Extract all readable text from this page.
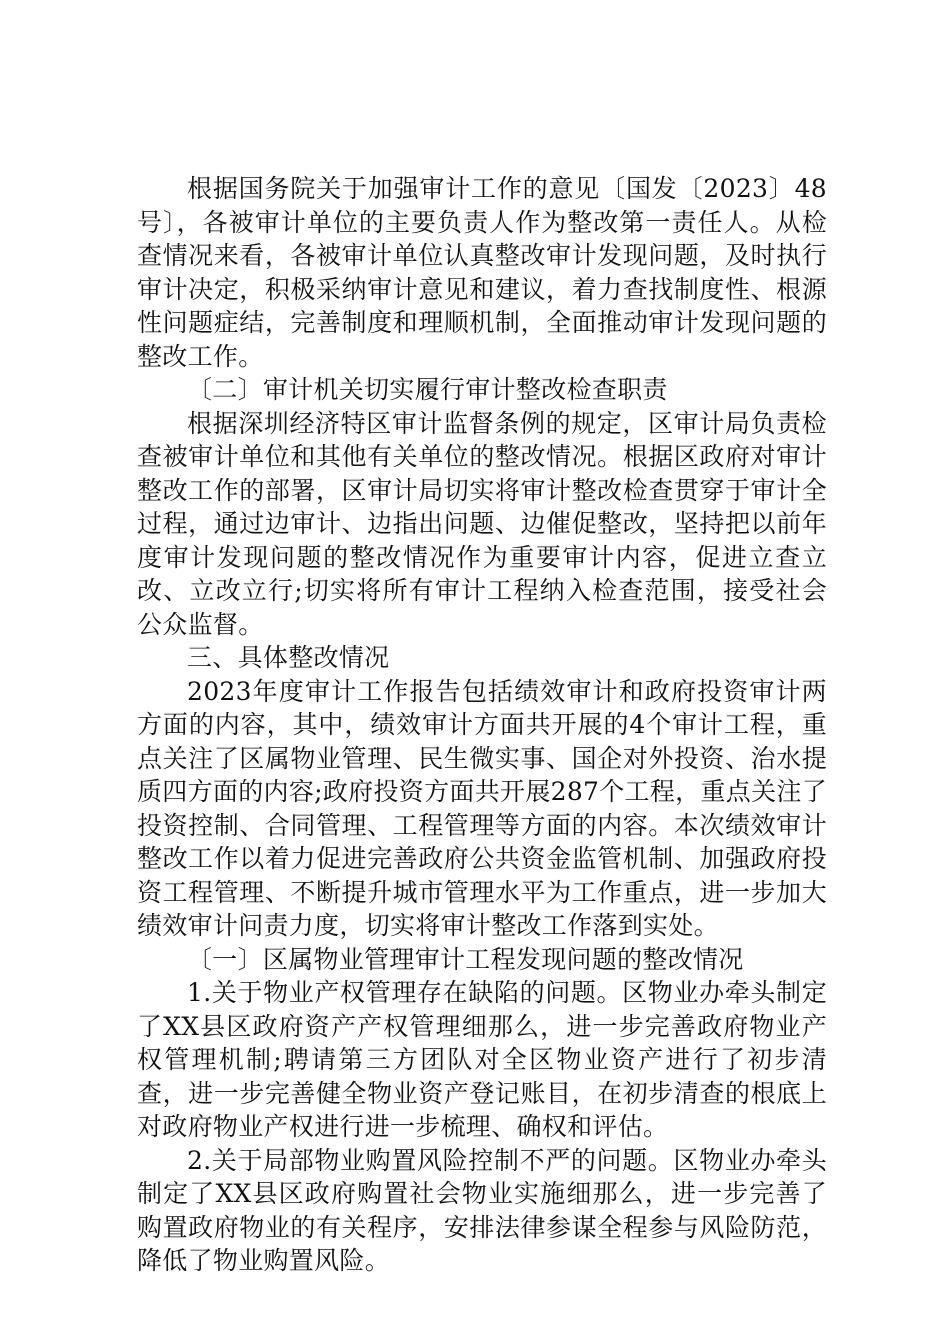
根据国务院关于加强审计工作的意见〔国发〔2023〕48号〕，各被审计单位的主要负责人作为整改第一责任人。从检查情况来看，各被审计单位认真整改审计发现问题，及时执行审计决定，积极采纳审计意见和建议，着力查找制度性、根源性问题症结，完善制度和理顺机制，全面推动审计发现问题的整改工作。

〔二〕审计机关切实履行审计整改检查职责

根据深圳经济特区审计监督条例的规定，区审计局负责检查被审计单位和其他有关单位的整改情况。根据区政府对审计整改工作的部署，区审计局切实将审计整改检查贯穿于审计全过程，通过边审计、边指出问题、边催促整改，坚持把以前年度审计发现问题的整改情况作为重要审计内容，促进立查立改、立改立行;切实将所有审计工程纳入检查范围，接受社会公众监督。

三、具体整改情况

2023年度审计工作报告包括绩效审计和政府投资审计两方面的内容，其中，绩效审计方面共开展的4个审计工程，重点关注了区属物业管理、民生微实事、国企对外投资、治水提质四方面的内容;政府投资方面共开展287个工程，重点关注了投资控制、合同管理、工程管理等方面的内容。本次绩效审计整改工作以着力促进完善政府公共资金监管机制、加强政府投资工程管理、不断提升城市管理水平为工作重点，进一步加大绩效审计问责力度，切实将审计整改工作落到实处。

〔一〕区属物业管理审计工程发现问题的整改情况

1.关于物业产权管理存在缺陷的问题。区物业办牵头制定了XX县区政府资产产权管理细那么，进一步完善政府物业产权管理机制;聘请第三方团队对全区物业资产进行了初步清查，进一步完善健全物业资产登记账目，在初步清查的根底上对政府物业产权进行进一步梳理、确权和评估。

2.关于局部物业购置风险控制不严的问题。区物业办牵头制定了XX县区政府购置社会物业实施细那么，进一步完善了购置政府物业的有关程序，安排法律参谋全程参与风险防范，降低了物业购置风险。
